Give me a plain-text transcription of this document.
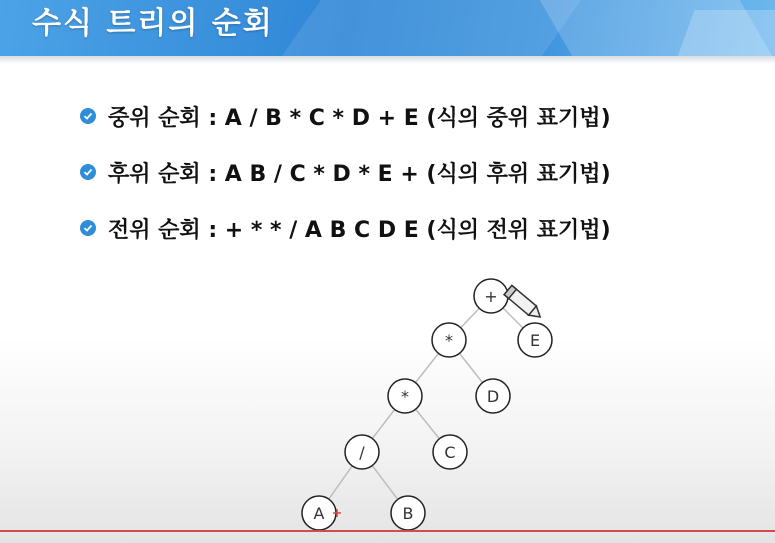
수식 트리의 순회
중위 순회 : A / B * C * D + E (식의 중위 표기법)
후위 순회 : A B / C * D * E + (식의 후위 표기법)
전위 순회 : + * * / A B C D E (식의 전위 표기법)
+
*	E
*	D
/	C
A	B
